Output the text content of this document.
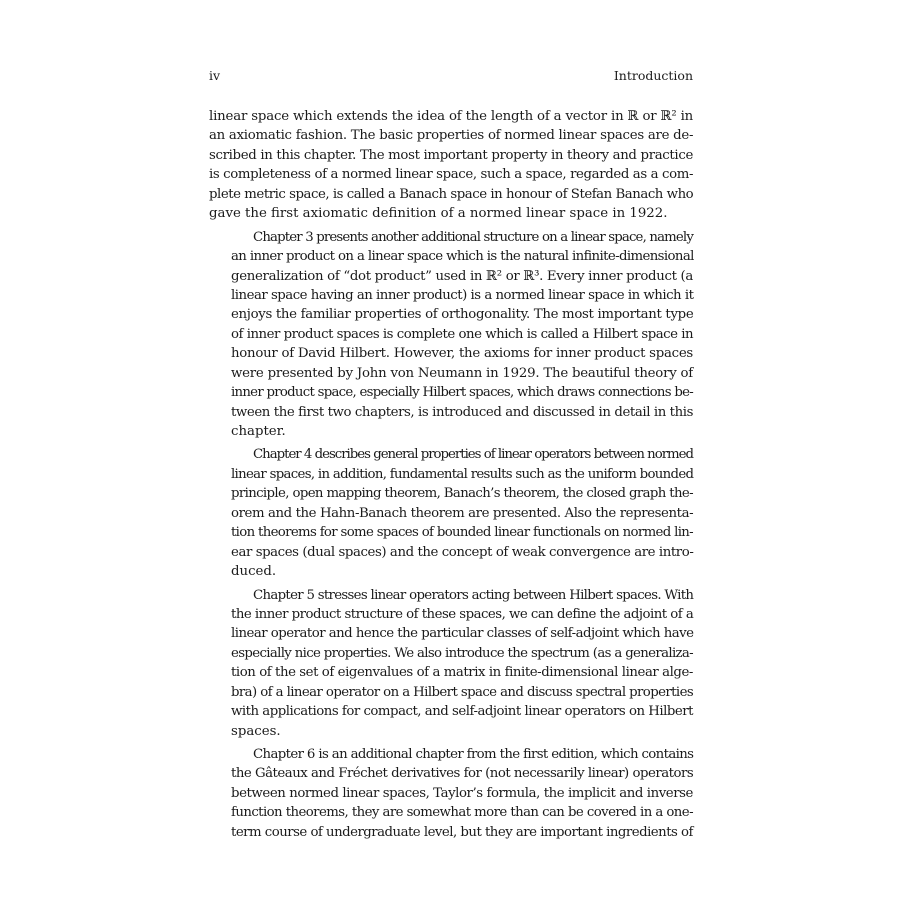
iv	Introduction

linear space which extends the idea of the length of a vector in ℝ or ℝ² in
an axiomatic fashion. The basic properties of normed linear spaces are de-
scribed in this chapter. The most important property in theory and practice
is completeness of a normed linear space, such a space, regarded as a com-
plete metric space, is called a Banach space in honour of Stefan Banach who
gave the first axiomatic definition of a normed linear space in 1922.

Chapter 3 presents another additional structure on a linear space, namely
an inner product on a linear space which is the natural infinite-dimensional
generalization of “dot product” used in ℝ² or ℝ³. Every inner product (a
linear space having an inner product) is a normed linear space in which it
enjoys the familiar properties of orthogonality. The most important type
of inner product spaces is complete one which is called a Hilbert space in
honour of David Hilbert. However, the axioms for inner product spaces
were presented by John von Neumann in 1929. The beautiful theory of
inner product space, especially Hilbert spaces, which draws connections be-
tween the first two chapters, is introduced and discussed in detail in this
chapter.

Chapter 4 describes general properties of linear operators between normed
linear spaces, in addition, fundamental results such as the uniform bounded
principle, open mapping theorem, Banach’s theorem, the closed graph the-
orem and the Hahn-Banach theorem are presented. Also the representa-
tion theorems for some spaces of bounded linear functionals on normed lin-
ear spaces (dual spaces) and the concept of weak convergence are intro-
duced.

Chapter 5 stresses linear operators acting between Hilbert spaces. With
the inner product structure of these spaces, we can define the adjoint of a
linear operator and hence the particular classes of self-adjoint which have
especially nice properties. We also introduce the spectrum (as a generaliza-
tion of the set of eigenvalues of a matrix in finite-dimensional linear alge-
bra) of a linear operator on a Hilbert space and discuss spectral properties
with applications for compact, and self-adjoint linear operators on Hilbert
spaces.

Chapter 6 is an additional chapter from the first edition, which contains
the Gâteaux and Fréchet derivatives for (not necessarily linear) operators
between normed linear spaces, Taylor’s formula, the implicit and inverse
function theorems, they are somewhat more than can be covered in a one-
term course of undergraduate level, but they are important ingredients of
